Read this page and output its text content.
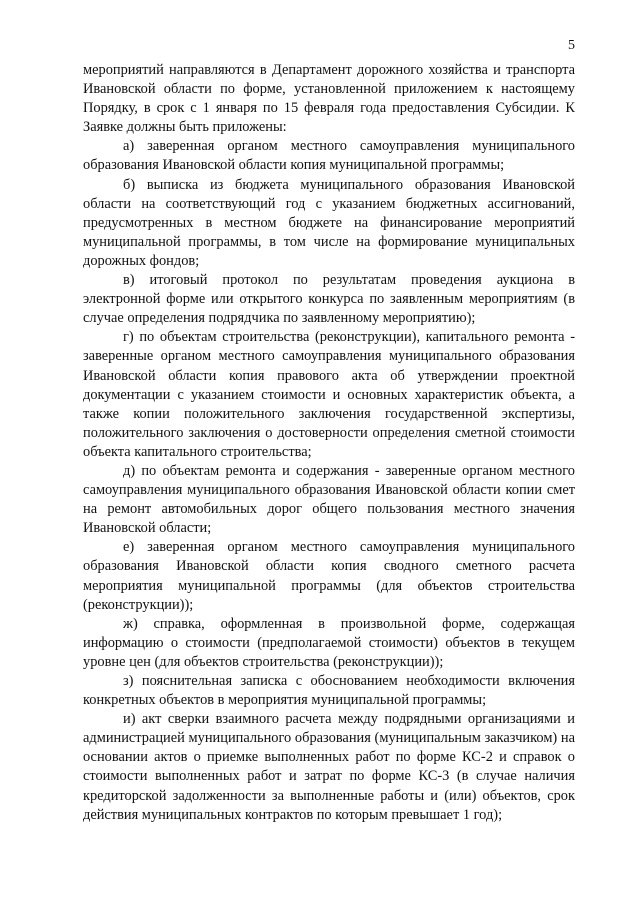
5

мероприятий направляются в Департамент дорожного хозяйства и транспорта Ивановской области по форме, установленной приложением к настоящему Порядку, в срок с 1 января по 15 февраля года предоставления Субсидии. К Заявке должны быть приложены:

а) заверенная органом местного самоуправления муниципального образования Ивановской области копия муниципальной программы;

б) выписка из бюджета муниципального образования Ивановской области на соответствующий год с указанием бюджетных ассигнований, предусмотренных в местном бюджете на финансирование мероприятий муниципальной программы, в том числе на формирование муниципальных дорожных фондов;

в) итоговый протокол по результатам проведения аукциона в электронной форме или открытого конкурса по заявленным мероприятиям (в случае определения подрядчика по заявленному мероприятию);

г) по объектам строительства (реконструкции), капитального ремонта - заверенные органом местного самоуправления муниципального образования Ивановской области копия правового акта об утверждении проектной документации с указанием стоимости и основных характеристик объекта, а также копии положительного заключения государственной экспертизы, положительного заключения о достоверности определения сметной стоимости объекта капитального строительства;

д) по объектам ремонта и содержания - заверенные органом местного самоуправления муниципального образования Ивановской области копии смет на ремонт автомобильных дорог общего пользования местного значения Ивановской области;

е) заверенная органом местного самоуправления муниципального образования Ивановской области копия сводного сметного расчета мероприятия муниципальной программы (для объектов строительства (реконструкции));

ж) справка, оформленная в произвольной форме, содержащая информацию о стоимости (предполагаемой стоимости) объектов в текущем уровне цен (для объектов строительства (реконструкции));

з) пояснительная записка с обоснованием необходимости включения конкретных объектов в мероприятия муниципальной программы;

и) акт сверки взаимного расчета между подрядными организациями и администрацией муниципального образования (муниципальным заказчиком) на основании актов о приемке выполненных работ по форме КС-2 и справок о стоимости выполненных работ и затрат по форме КС-3 (в случае наличия кредиторской задолженности за выполненные работы и (или) объектов, срок действия муниципальных контрактов по которым превышает 1 год);
